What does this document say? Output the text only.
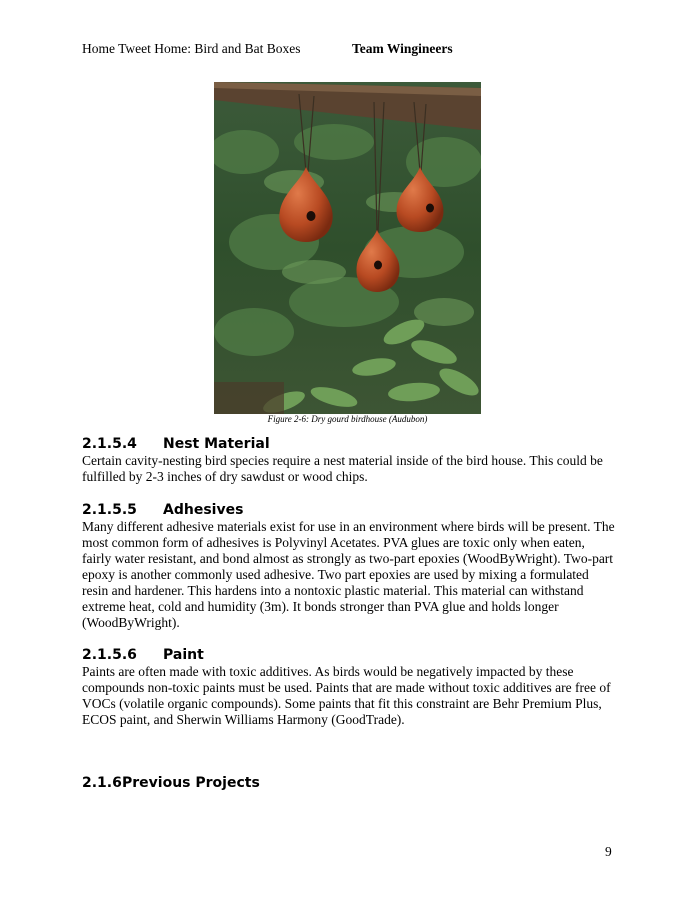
Home Tweet Home: Bird and Bat Boxes	Team Wingineers
Figure 2-6: Dry gourd birdhouse (Audubon)
2.1.5.4 Nest Material

Certain cavity-nesting bird species require a nest material inside of the bird house. This could be fulfilled by 2-3 inches of dry sawdust or wood chips.

2.1.5.5 Adhesives

Many different adhesive materials exist for use in an environment where birds will be present. The most common form of adhesives is Polyvinyl Acetates. PVA glues are toxic only when eaten, fairly water resistant, and bond almost as strongly as two-part epoxies (WoodByWright). Two-part epoxy is another commonly used adhesive. Two part epoxies are used by mixing a formulated resin and hardener. This hardens into a nontoxic plastic material. This material can withstand extreme heat, cold and humidity (3m). It bonds stronger than PVA glue and holds longer (WoodByWright).

2.1.5.6 Paint

Paints are often made with toxic additives. As birds would be negatively impacted by these compounds non-toxic paints must be used. Paints that are made without toxic additives are free of VOCs (volatile organic compounds). Some paints that fit this constraint are Behr Premium Plus, ECOS paint, and Sherwin Williams Harmony (GoodTrade).

2.1.6Previous Projects
9
